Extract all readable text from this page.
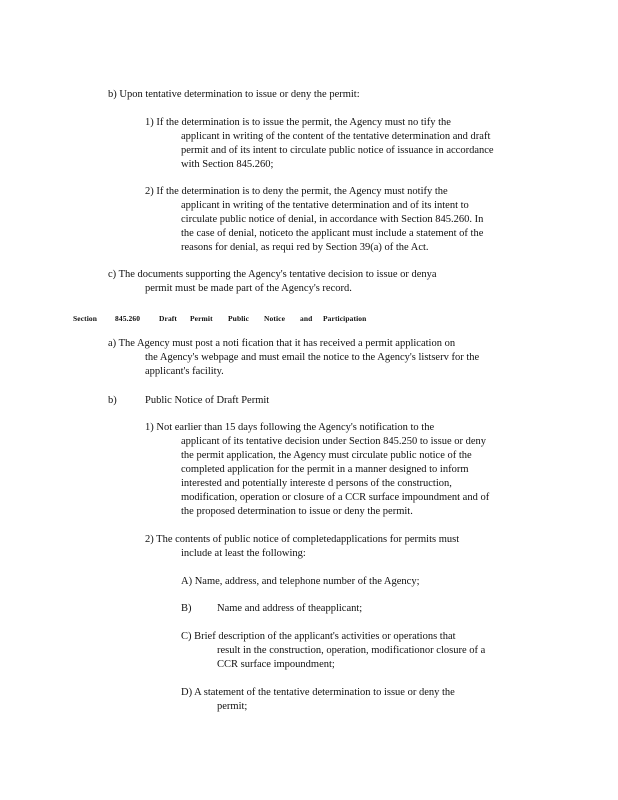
b) Upon tentative determination to issue or deny the permit:
1) If the determination is to issue the permit, the Agency must no tify the
applicant in writing of the content of the tentative determination and draft
permit and of its intent to circulate public notice of issuance in accordance
with Section 845.260;
2) If the determination is to deny the permit, the Agency must notify the
applicant in writing of the tentative determination and of its intent to
circulate public notice of denial, in accordance with Section 845.260. In
the case of denial, noticeto the applicant must include a statement of the
reasons for denial, as requi red by Section 39(a) of the Act.
c) The documents supporting the Agency's tentative decision to issue or denya
permit must be made part of the Agency's record.
Section 845.260	Draft Permit Public Notice and Participation
a) The Agency must post a noti fication that it has received a permit application on
the Agency's webpage and must email the notice to the Agency's listserv for the
applicant's facility.
b)	Public Notice of Draft Permit
1) Not earlier than 15 days following the Agency's notification to the
applicant of its tentative decision under Section 845.250 to issue or deny
the permit application, the Agency must circulate public notice of the
completed application for the permit in a manner designed to inform
interested and potentially intereste d persons of the construction,
modification, operation or closure of a CCR surface impoundment and of
the proposed determination to issue or deny the permit.
2) The contents of public notice of completedapplications for permits must
include at least the following:
A) Name, address, and telephone number of the Agency;
B) Name and address of theapplicant;
C) Brief description of the applicant's activities or operations that
result in the construction, operation, modificationor closure of a
CCR surface impoundment;
D) A statement of the tentative determination to issue or deny the
permit;
